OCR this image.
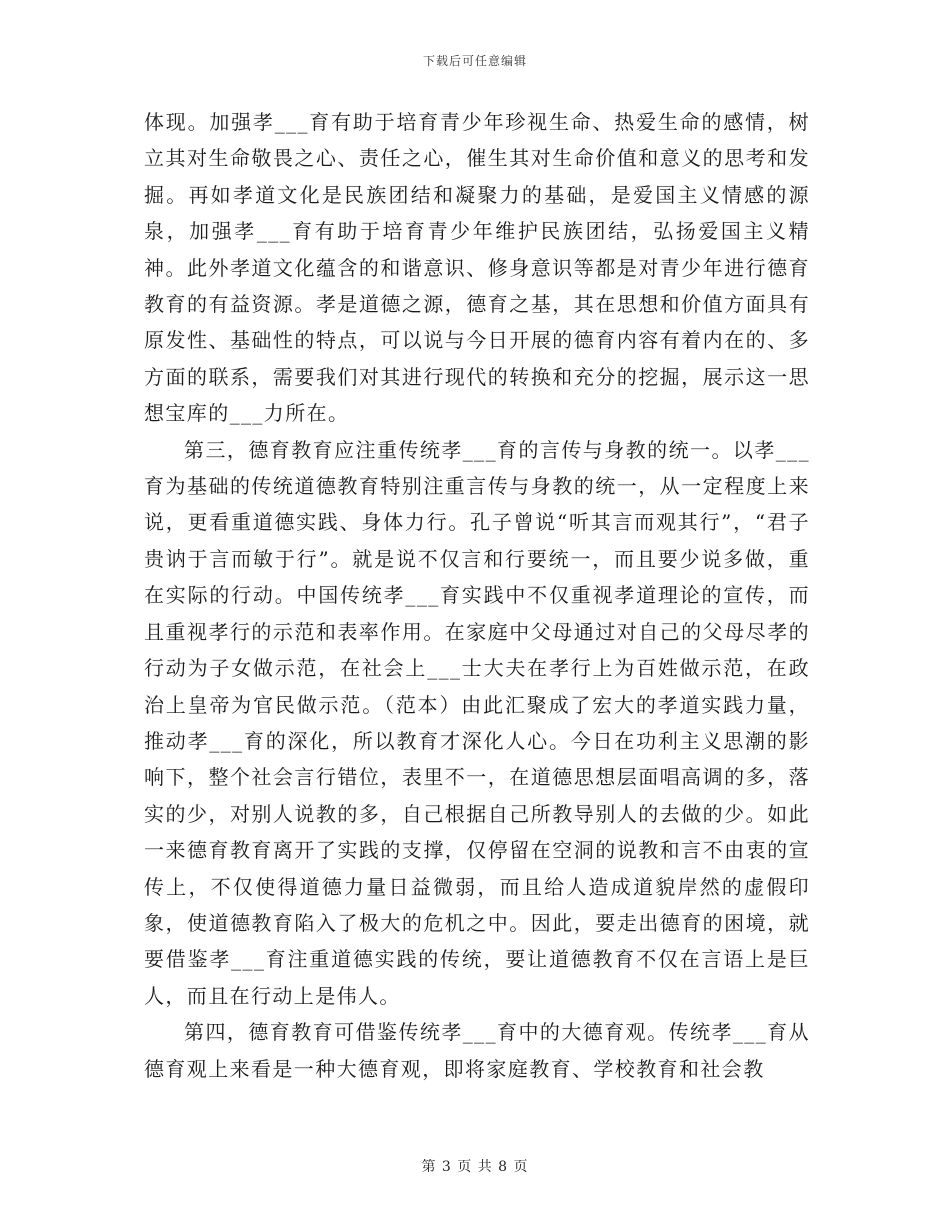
下载后可任意编辑

体现。加强孝___育有助于培育青少年珍视生命、热爱生命的感情，树立其对生命敬畏之心、责任之心，催生其对生命价值和意义的思考和发掘。再如孝道文化是民族团结和凝聚力的基础，是爱国主义情感的源泉，加强孝___育有助于培育青少年维护民族团结，弘扬爱国主义精神。此外孝道文化蕴含的和谐意识、修身意识等都是对青少年进行德育教育的有益资源。孝是道德之源，德育之基，其在思想和价值方面具有原发性、基础性的特点，可以说与今日开展的德育内容有着内在的、多方面的联系，需要我们对其进行现代的转换和充分的挖掘，展示这一思想宝库的___力所在。

第三，德育教育应注重传统孝___育的言传与身教的统一。以孝___育为基础的传统道德教育特别注重言传与身教的统一，从一定程度上来说，更看重道德实践、身体力行。孔子曾说“听其言而观其行”，“君子贵讷于言而敏于行”。就是说不仅言和行要统一，而且要少说多做，重在实际的行动。中国传统孝___育实践中不仅重视孝道理论的宣传，而且重视孝行的示范和表率作用。在家庭中父母通过对自己的父母尽孝的行动为子女做示范，在社会上___士大夫在孝行上为百姓做示范，在政治上皇帝为官民做示范。（范本）由此汇聚成了宏大的孝道实践力量，推动孝___育的深化，所以教育才深化人心。今日在功利主义思潮的影响下，整个社会言行错位，表里不一，在道德思想层面唱高调的多，落实的少，对别人说教的多，自己根据自己所教导别人的去做的少。如此一来德育教育离开了实践的支撑，仅停留在空洞的说教和言不由衷的宣传上，不仅使得道德力量日益微弱，而且给人造成道貌岸然的虚假印象，使道德教育陷入了极大的危机之中。因此，要走出德育的困境，就要借鉴孝___育注重道德实践的传统，要让道德教育不仅在言语上是巨人，而且在行动上是伟人。

第四，德育教育可借鉴传统孝___育中的大德育观。传统孝___育从德育观上来看是一种大德育观，即将家庭教育、学校教育和社会教

第 3 页 共 8 页
